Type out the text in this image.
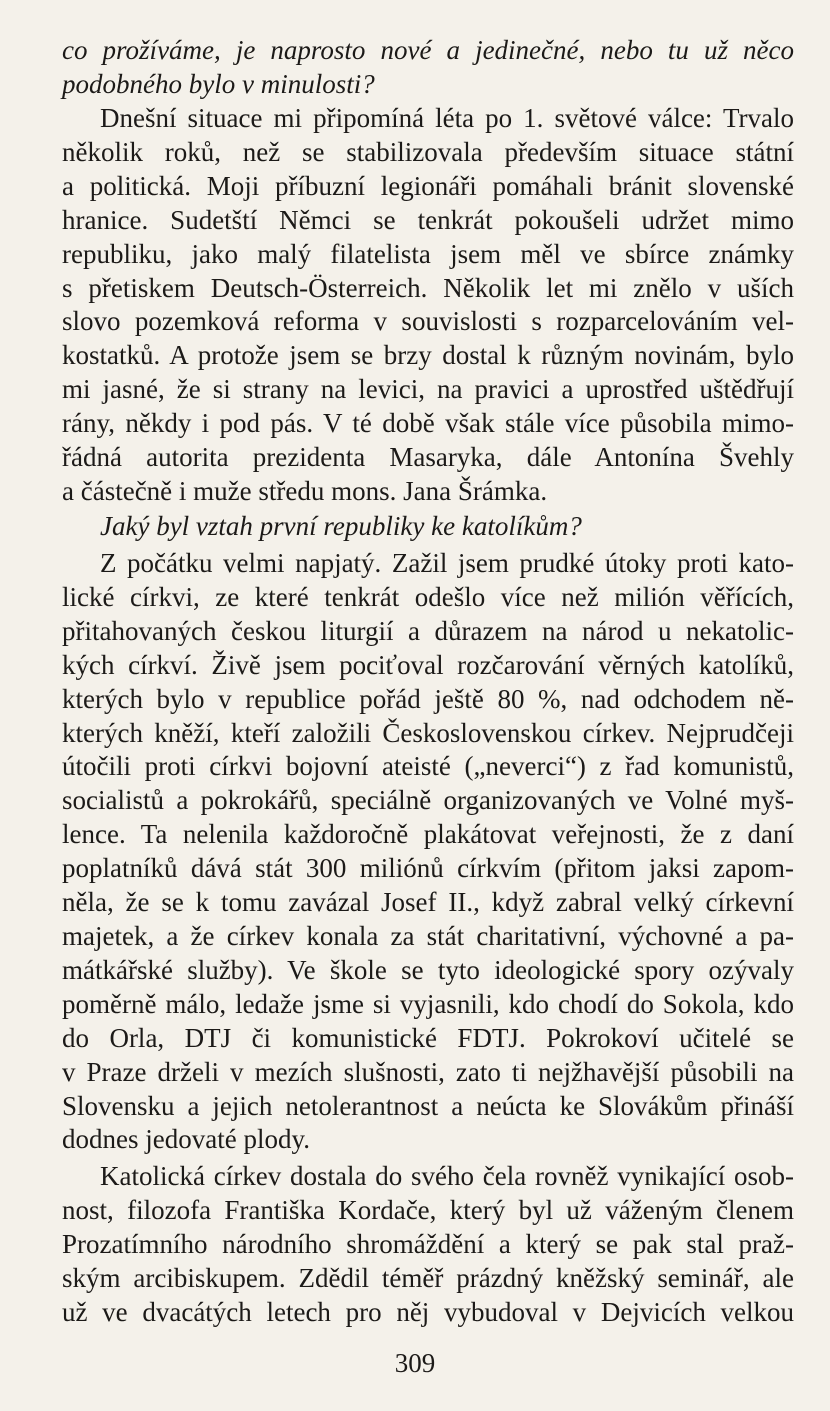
co prožíváme, je naprosto nové a jedinečné, nebo tu už něco
podobného bylo v minulosti?
Dnešní situace mi připomíná léta po 1. světové válce: Trvalo
několik roků, než se stabilizovala především situace státní
a politická. Moji příbuzní legionáři pomáhali bránit slovenské
hranice. Sudetští Němci se tenkrát pokoušeli udržet mimo
republiku, jako malý filatelista jsem měl ve sbírce známky
s přetiskem Deutsch-Österreich. Několik let mi znělo v uších
slovo pozemková reforma v souvislosti s rozparcelováním vel-
kostatků. A protože jsem se brzy dostal k různým novinám, bylo
mi jasné, že si strany na levici, na pravici a uprostřed uštědřují
rány, někdy i pod pás. V té době však stále více působila mimo-
řádná autorita prezidenta Masaryka, dále Antonína Švehly
a částečně i muže středu mons. Jana Šrámka.
Jaký byl vztah první republiky ke katolíkům?
Z počátku velmi napjatý. Zažil jsem prudké útoky proti kato-
lické církvi, ze které tenkrát odešlo více než milión věřících,
přitahovaných českou liturgií a důrazem na národ u nekatolic-
kých církví. Živě jsem pociťoval rozčarování věrných katolíků,
kterých bylo v republice pořád ještě 80 %, nad odchodem ně-
kterých kněží, kteří založili Československou církev. Nejprudčeji
útočili proti církvi bojovní ateisté („neverci“) z řad komunistů,
socialistů a pokrokářů, speciálně organizovaných ve Volné myš-
lence. Ta nelenila každoročně plakátovat veřejnosti, že z daní
poplatníků dává stát 300 miliónů církvím (přitom jaksi zapom-
něla, že se k tomu zavázal Josef II., když zabral velký církevní
majetek, a že církev konala za stát charitativní, výchovné a pa-
mátkářské služby). Ve škole se tyto ideologické spory ozývaly
poměrně málo, ledaže jsme si vyjasnili, kdo chodí do Sokola, kdo
do Orla, DTJ či komunistické FDTJ. Pokrokoví učitelé se
v Praze drželi v mezích slušnosti, zato ti nejžhavější působili na
Slovensku a jejich netolerantnost a neúcta ke Slovákům přináší
dodnes jedovaté plody.
Katolická církev dostala do svého čela rovněž vynikající osob-
nost, filozofa Františka Kordače, který byl už váženým členem
Prozatímního národního shromáždění a který se pak stal praž-
ským arcibiskupem. Zdědil téměř prázdný kněžský seminář, ale
už ve dvacátých letech pro něj vybudoval v Dejvicích velkou
309
